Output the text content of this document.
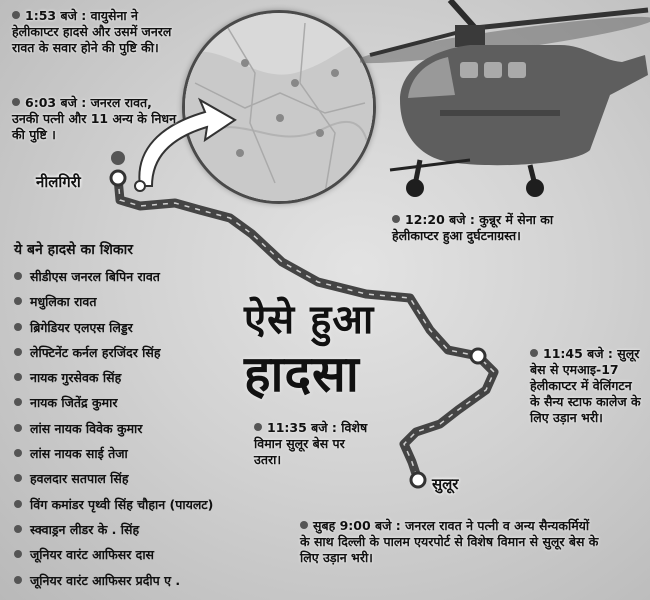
नीलगिरी
सुलूर
ऐसे हुआ
हादसा
1:53 बजे : वायुसेना ने हेलीकाप्टर हादसे और उसमें जनरल रावत के सवार होने की पुष्टि की।
6:03 बजे : जनरल रावत, उनकी पत्नी और 11 अन्य के निधन की पुष्टि ।
12:20 बजे : कुन्नूर में सेना का हेलीकाप्टर हुआ दुर्घटनाग्रस्त।
11:45 बजे : सुलूर बेस से एमआइ-17 हेलीकाप्टर में वेलिंगटन के सैन्य स्टाफ कालेज के लिए उड़ान भरी।
11:35 बजे : विशेष विमान सुलूर बेस पर उतरा।
सुबह 9:00 बजे : जनरल रावत ने पत्नी व अन्य सैन्यकर्मियों के साथ दिल्ली के पालम एयरपोर्ट से विशेष विमान से सुलूर बेस के लिए उड़ान भरी।
ये बने हादसे का शिकार
सीडीएस जनरल बिपिन रावत
मधुलिका रावत
ब्रिगेडियर एलएस लिड्डर
लेफ्टिनेंट कर्नल हरजिंदर सिंह
नायक गुरसेवक सिंह
नायक जितेंद्र कुमार
लांस नायक विवेक कुमार
लांस नायक साई तेजा
हवलदार सतपाल सिंह
विंग कमांडर पृथ्वी सिंह चौहान (पायलट)
स्क्वाड्रन लीडर के . सिंह
जूनियर वारंट आफिसर दास
जूनियर वारंट आफिसर प्रदीप ए .
